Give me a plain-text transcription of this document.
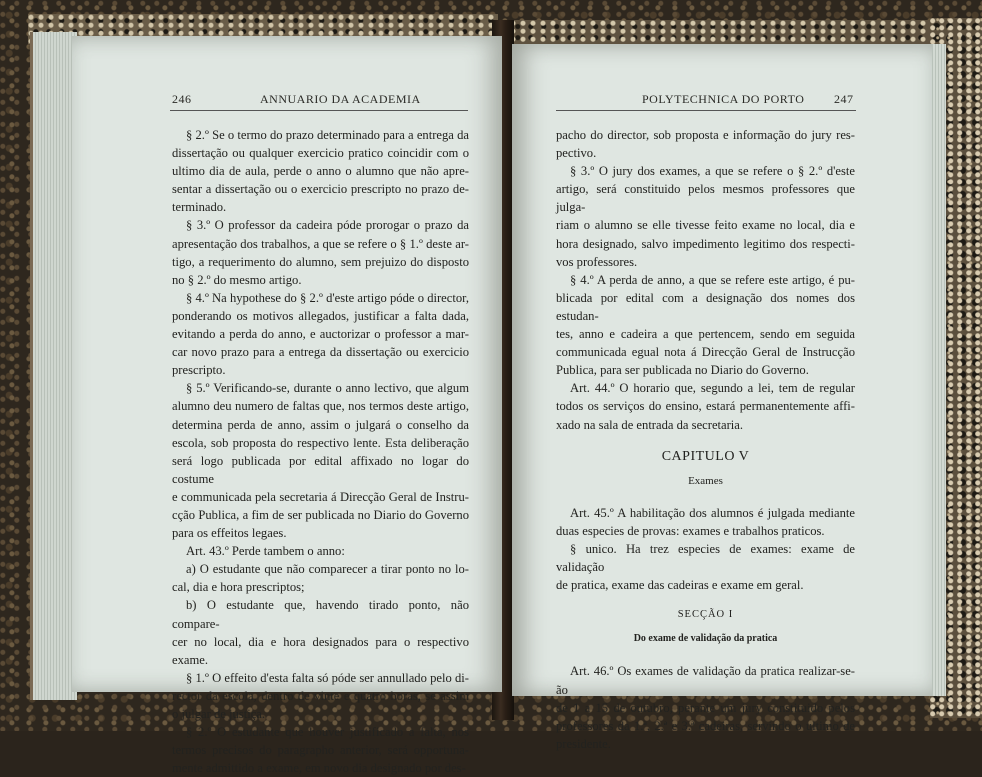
246	ANNUARIO DA ACADEMIA

§ 2.º Se o termo do prazo determinado para a entrega da

dissertação ou qualquer exercicio pratico coincidir com o

ultimo dia de aula, perde o anno o alumno que não apre-

sentar a dissertação ou o exercicio prescripto no prazo de-

terminado.

§ 3.º O professor da cadeira póde prorogar o prazo da

apresentação dos trabalhos, a que se refere o § 1.º deste ar-

tigo, a requerimento do alumno, sem prejuizo do disposto

no § 2.º do mesmo artigo.

§ 4.º Na hypothese do § 2.º d'este artigo póde o director,

ponderando os motivos allegados, justificar a falta dada,

evitando a perda do anno, e auctorizar o professor a mar-

car novo prazo para a entrega da dissertação ou exercicio

prescripto.

§ 5.º Verificando-se, durante o anno lectivo, que algum

alumno deu numero de faltas que, nos termos deste artigo,

determina perda de anno, assim o julgará o conselho da

escola, sob proposta do respectivo lente. Esta deliberação

será logo publicada por edital affixado no logar do costume

e communicada pela secretaria á Direcção Geral de Instru-

cção Publica, a fim de ser publicada no Diario do Governo

para os effeitos legaes.

Art. 43.º Perde tambem o anno:

a) O estudante que não comparecer a tirar ponto no lo-

cal, dia e hora prescriptos;

b) O estudante que, havendo tirado ponto, não compare-

cer no local, dia e hora designados para o respectivo exame.

§ 1.º O effeito d'esta falta só póde ser annullado pelo di-

rector da escola, dentro de vinte e quatro horas, se assim

o julgar de justiça.

§ 2.º O estudante que houver justificado a falta, nos

termos precisos do paragrapho anterior, será opportuna-

mente admittido a exame, em novo dia designado por des-

POLYTECHNICA DO PORTO 247

pacho do director, sob proposta e informação do jury res-

pectivo.

§ 3.º O jury dos exames, a que se refere o § 2.º d'este

artigo, será constituido pelos mesmos professores que julga-

riam o alumno se elle tivesse feito exame no local, dia e

hora designado, salvo impedimento legitimo dos respecti-

vos professores.

§ 4.º A perda de anno, a que se refere este artigo, é pu-

blicada por edital com a designação dos nomes dos estudan-

tes, anno e cadeira a que pertencem, sendo em seguida

communicada egual nota á Direcção Geral de Instrucção

Publica, para ser publicada no Diario do Governo.

Art. 44.º O horario que, segundo a lei, tem de regular

todos os serviços do ensino, estará permanentemente affi-

xado na sala de entrada da secretaria.

CAPITULO V
Exames

Art. 45.º A habilitação dos alumnos é julgada mediante

duas especies de provas: exames e trabalhos praticos.

§ unico. Ha trez especies de exames: exame de validação

de pratica, exame das cadeiras e exame em geral.

SECÇÃO I
Do exame de validação da pratica

Art. 46.º Os exames de validação da pratica realizar-se-ão

de 1 a 15 de outubro, perante um jury constituido pelos

professores da 1.ª, 2.ª e 3.ª cadeiras, servindo o ultimo de

presidente.
